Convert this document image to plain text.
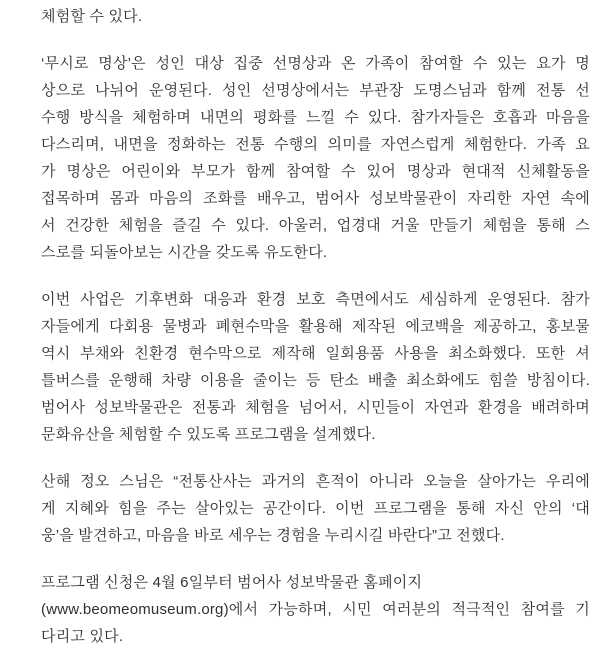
체험할 수 있다.
‘무시로 명상’은 성인 대상 집중 선명상과 온 가족이 참여할 수 있는 요가 명
상으로 나뉘어 운영된다. 성인 선명상에서는 부관장 도명스님과 함께 전통 선
수행 방식을 체험하며 내면의 평화를 느낄 수 있다. 참가자들은 호흡과 마음을
다스리며, 내면을 정화하는 전통 수행의 의미를 자연스럽게 체험한다. 가족 요
가 명상은 어린이와 부모가 함께 참여할 수 있어 명상과 현대적 신체활동을
접목하며 몸과 마음의 조화를 배우고, 범어사 성보박물관이 자리한 자연 속에
서 건강한 체험을 즐길 수 있다. 아울러, 업경대 거울 만들기 체험을 통해 스
스로를 되돌아보는 시간을 갖도록 유도한다.
이번 사업은 기후변화 대응과 환경 보호 측면에서도 세심하게 운영된다. 참가
자들에게 다회용 물병과 폐현수막을 활용해 제작된 에코백을 제공하고, 홍보물
역시 부채와 친환경 현수막으로 제작해 일회용품 사용을 최소화했다. 또한 셔
틀버스를 운행해 차량 이용을 줄이는 등 탄소 배출 최소화에도 힘쓸 방침이다.
범어사 성보박물관은 전통과 체험을 넘어서, 시민들이 자연과 환경을 배려하며
문화유산을 체험할 수 있도록 프로그램을 설계했다.
산해 정오 스님은 “전통산사는 과거의 흔적이 아니라 오늘을 살아가는 우리에
게 지혜와 힘을 주는 살아있는 공간이다. 이번 프로그램을 통해 자신 안의 ‘대
웅’을 발견하고, 마음을 바로 세우는 경험을 누리시길 바란다”고 전했다.
프로그램 신청은 4월 6일부터 범어사 성보박물관 홈페이지
(www.beomeomuseum.org)에서 가능하며, 시민 여러분의 적극적인 참여를 기
다리고 있다.
